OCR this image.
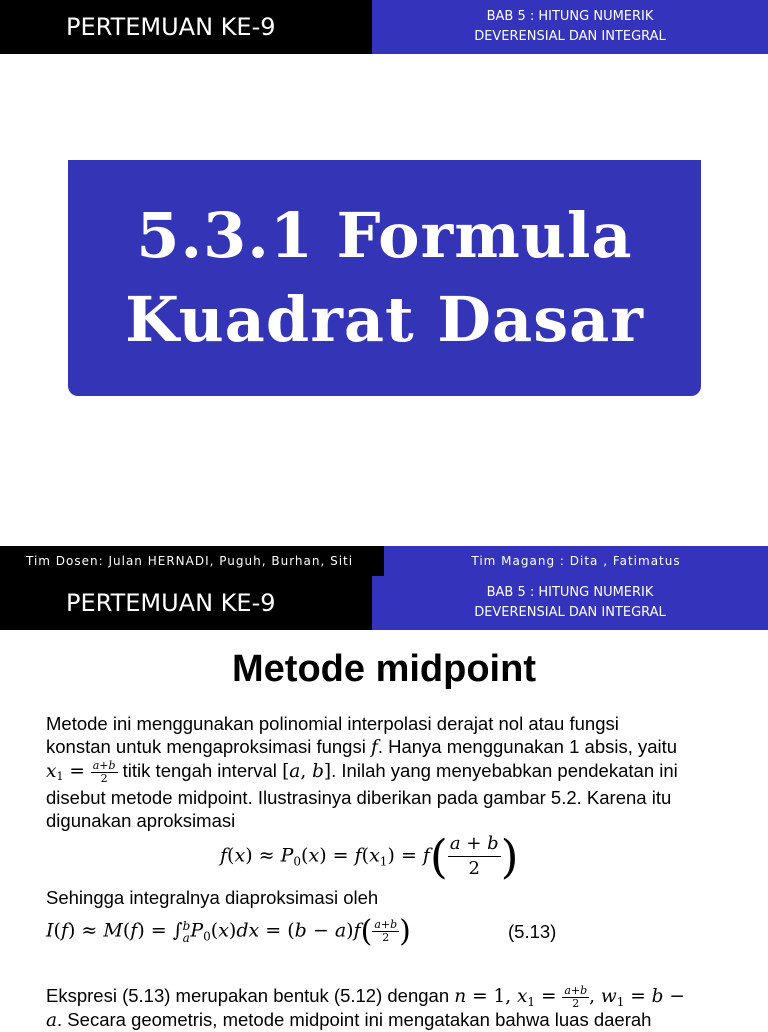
PERTEMUAN KE-9	BAB 5 : HITUNG NUMERIK
DEVERENSIAL DAN INTEGRAL
5.3.1 Formula
Kuadrat Dasar
Tim Dosen: Julan HERNADI, Puguh, Burhan, Siti	Tim Magang : Dita , Fatimatus
PERTEMUAN KE-9	BAB 5 : HITUNG NUMERIK
DEVERENSIAL DAN INTEGRAL
Metode midpoint
Metode ini menggunakan polinomial interpolasi derajat nol atau fungsi
konstan untuk mengaproksimasi fungsi f. Hanya menggunakan 1 absis, yaitu
$x1 = \frac{a+b}{2}$ titik tengah interval [a, b]. Inilah yang menyebabkan pendekatan ini
disebut metode midpoint. Ilustrasinya diberikan pada gambar 5.2. Karena itu
digunakan aproksimasi
$f(x) \approx P_0(x) = f(x_1) = f( \frac{a + b}{2}$ )
Sehingga integralnya diaproksimasi oleh
I(f) ≈ M(f) = ∫b
$aP_0(x)dx = (b - a)f( \frac{a+b}{2}$ )	(5.13)
Ekspresi (5.13) merupakan bentuk (5.12) dengan n = 1, $x_1 = \frac{a+b}{2}$ , $w_1 = b$ −
a. Secara geometris, metode midpoint ini mengatakan bahwa luas daerah
